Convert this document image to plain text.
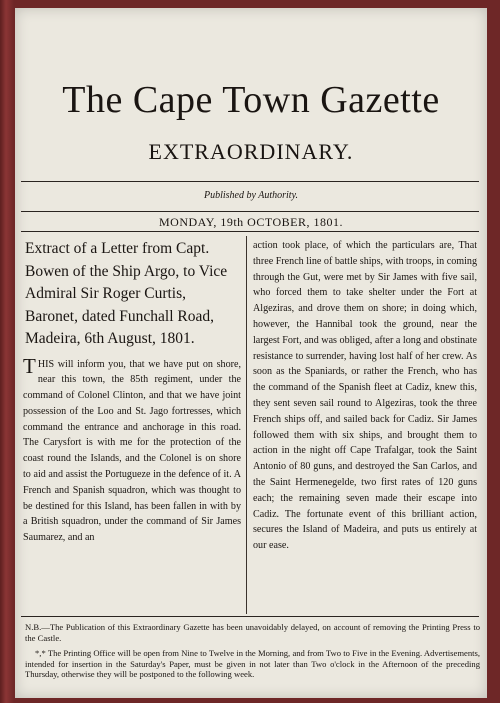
The Cape Town Gazette
EXTRAORDINARY.
Published by Authority.
MONDAY, 19th OCTOBER, 1801.

Extract of a Letter from Capt. Bowen of the Ship Argo, to Vice Admiral Sir Roger Curtis, Baronet, dated Funchall Road, Madeira, 6th August, 1801.

THIS will inform you, that we have put on shore, near this town, the 85th regiment, under the command of Colonel Clinton, and that we have joint possession of the Loo and St. Jago fortresses, which command the entrance and anchorage in this road. The Carysfort is with me for the protection of the coast round the Islands, and the Colonel is on shore to aid and assist the Portugueze in the defence of it. A French and Spanish squadron, which was thought to be destined for this Island, has been fallen in with by a British squadron, under the command of Sir James Saumarez, and an

action took place, of which the particulars are, That three French line of battle ships, with troops, in coming through the Gut, were met by Sir James with five sail, who forced them to take shelter under the Fort at Algeziras, and drove them on shore; in doing which, however, the Hannibal took the ground, near the largest Fort, and was obliged, after a long and obstinate resistance to surrender, having lost half of her crew. As soon as the Spaniards, or rather the French, who has the command of the Spanish fleet at Cadiz, knew this, they sent seven sail round to Algeziras, took the three French ships off, and sailed back for Cadiz. Sir James followed them with six ships, and brought them to action in the night off Cape Trafalgar, took the Saint Antonio of 80 guns, and destroyed the San Carlos, and the Saint Hermenegelde, two first rates of 120 guns each; the remaining seven made their escape into Cadiz. The fortunate event of this brilliant action, secures the Island of Madeira, and puts us entirely at our ease.

N.B.—The Publication of this Extraordinary Gazette has been unavoidably delayed, on account of removing the Printing Press to the Castle.

*,* The Printing Office will be open from Nine to Twelve in the Morning, and from Two to Five in the Evening. Advertisements, intended for insertion in the Saturday's Paper, must be given in not later than Two o'clock in the Afternoon of the preceding Thursday, otherwise they will be postponed to the following week.
